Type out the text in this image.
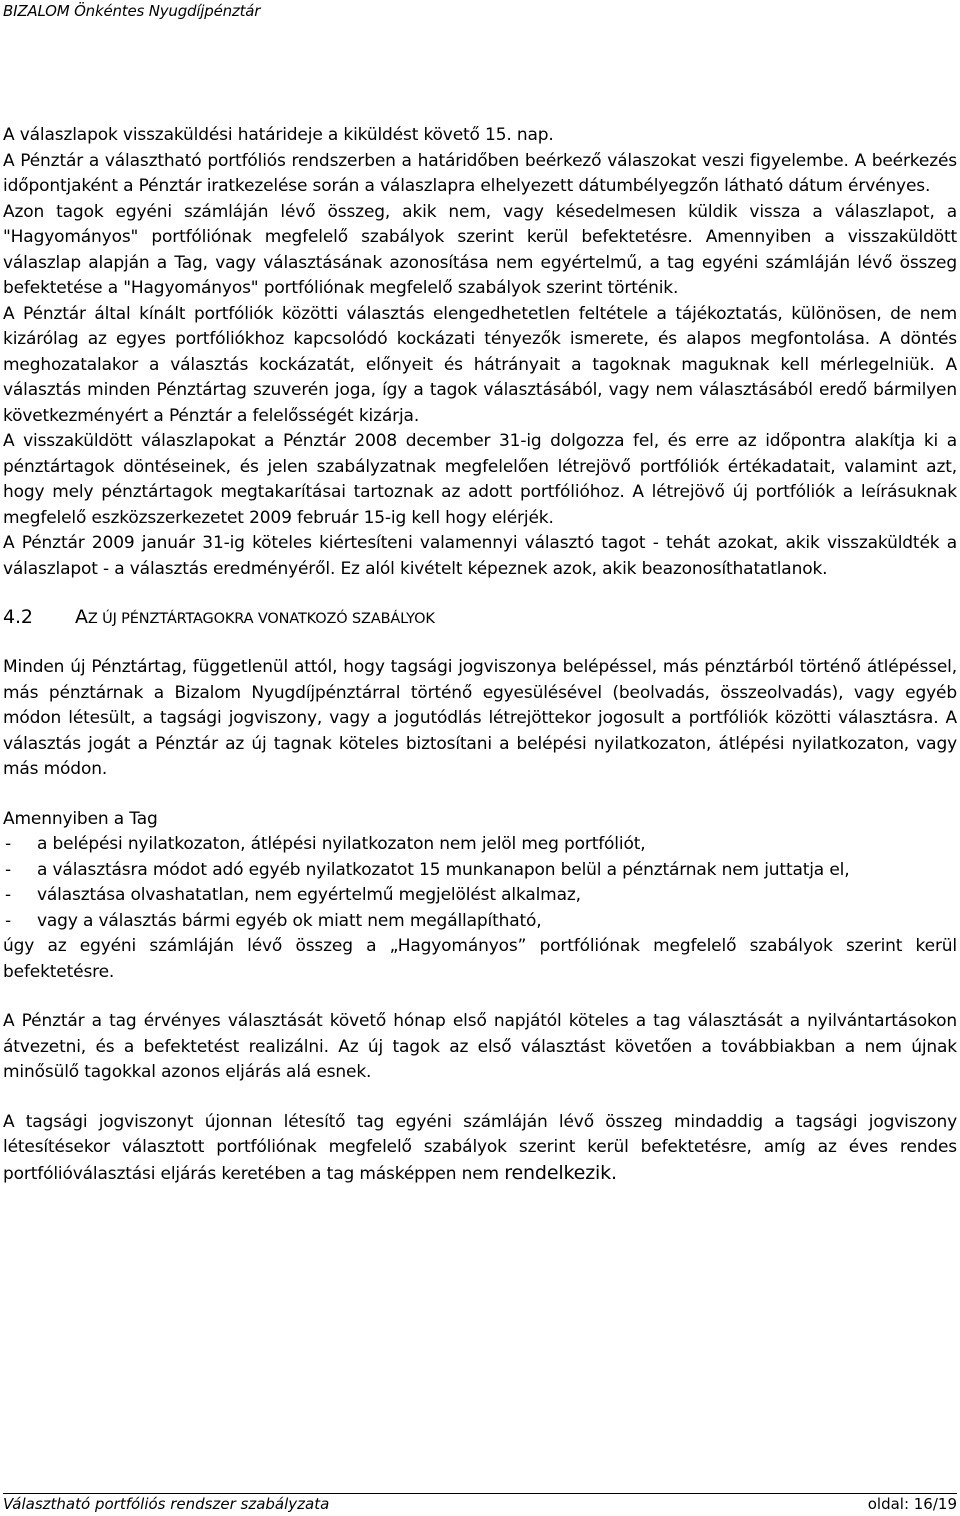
BIZALOM Önkéntes Nyugdíjpénztár

A válaszlapok visszaküldési határideje a kiküldést követő 15. nap.

A Pénztár a választható portfóliós rendszerben a határidőben beérkező válaszokat veszi figyelembe. A beérkezés időpontjaként a Pénztár iratkezelése során a válaszlapra elhelyezett dátumbélyegzőn látható dátum érvényes.

Azon tagok egyéni számláján lévő összeg, akik nem, vagy késedelmesen küldik vissza a válaszlapot, a "Hagyományos" portfóliónak megfelelő szabályok szerint kerül befektetésre. Amennyiben a visszaküldött válaszlap alapján a Tag, vagy választásának azonosítása nem egyértelmű, a tag egyéni számláján lévő összeg befektetése a "Hagyományos" portfóliónak megfelelő szabályok szerint történik.

A Pénztár által kínált portfóliók közötti választás elengedhetetlen feltétele a tájékoztatás, különösen, de nem kizárólag az egyes portfóliókhoz kapcsolódó kockázati tényezők ismerete, és alapos megfontolása. A döntés meghozatalakor a választás kockázatát, előnyeit és hátrányait a tagoknak maguknak kell mérlegelniük. A választás minden Pénztártag szuverén joga, így a tagok választásából, vagy nem választásából eredő bármilyen következményért a Pénztár a felelősségét kizárja.

A visszaküldött válaszlapokat a Pénztár 2008 december 31-ig dolgozza fel, és erre az időpontra alakítja ki a pénztártagok döntéseinek, és jelen szabályzatnak megfelelően létrejövő portfóliók értékadatait, valamint azt, hogy mely pénztártagok megtakarításai tartoznak az adott portfólióhoz. A létrejövő új portfóliók a leírásuknak megfelelő eszközszerkezetet 2009 február 15-ig kell hogy elérjék.

A Pénztár 2009 január 31-ig köteles kiértesíteni valamennyi választó tagot - tehát azokat, akik visszaküldték a válaszlapot - a választás eredményéről. Ez alól kivételt képeznek azok, akik beazonosíthatatlanok.

4.2 AZ ÚJ PÉNZTÁRTAGOKRA VONATKOZÓ SZABÁLYOK

Minden új Pénztártag, függetlenül attól, hogy tagsági jogviszonya belépéssel, más pénztárból történő átlépéssel, más pénztárnak a Bizalom Nyugdíjpénztárral történő egyesülésével (beolvadás, összeolvadás), vagy egyéb módon létesült, a tagsági jogviszony, vagy a jogutódlás létrejöttekor jogosult a portfóliók közötti választásra. A választás jogát a Pénztár az új tagnak köteles biztosítani a belépési nyilatkozaton, átlépési nyilatkozaton, vagy más módon.

Amennyiben a Tag

- a belépési nyilatkozaton, átlépési nyilatkozaton nem jelöl meg portfóliót,
- a választásra módot adó egyéb nyilatkozatot 15 munkanapon belül a pénztárnak nem juttatja el,
- választása olvashatatlan, nem egyértelmű megjelölést alkalmaz,
- vagy a választás bármi egyéb ok miatt nem megállapítható,

úgy az egyéni számláján lévő összeg a „Hagyományos” portfóliónak megfelelő szabályok szerint kerül befektetésre.

A Pénztár a tag érvényes választását követő hónap első napjától köteles a tag választását a nyilvántartásokon átvezetni, és a befektetést realizálni. Az új tagok az első választást követően a továbbiakban a nem újnak minősülő tagokkal azonos eljárás alá esnek.

A tagsági jogviszonyt újonnan létesítő tag egyéni számláján lévő összeg mindaddig a tagsági jogviszony létesítésekor választott portfóliónak megfelelő szabályok szerint kerül befektetésre, amíg az éves rendes portfólióválasztási eljárás keretében a tag másképpen nem rendelkezik.

Választható portfóliós rendszer szabályzata	oldal: 16/19
